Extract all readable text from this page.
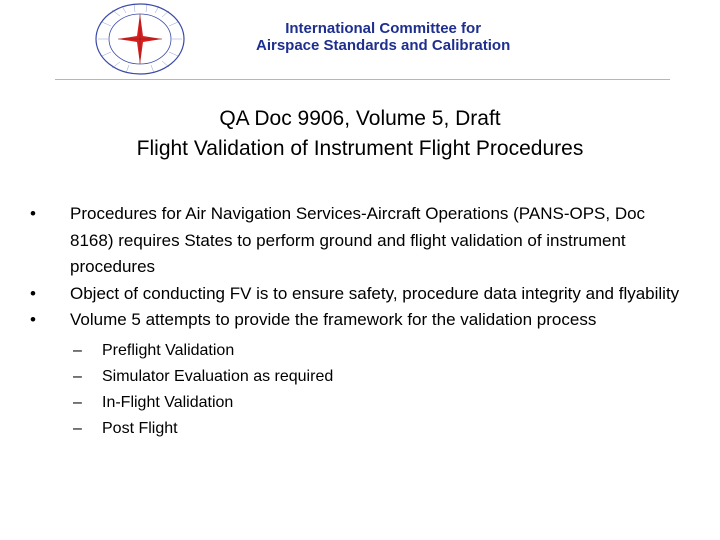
International Committee for
Airspace Standards and Calibration
QA Doc 9906, Volume 5, Draft
Flight Validation of Instrument Flight Procedures
•	Procedures for Air Navigation Services-Aircraft Operations (PANS-OPS, Doc 8168) requires States to perform ground and flight validation of instrument procedures
•	Object of conducting FV is to ensure safety, procedure data integrity and flyability
•	Volume 5 attempts to provide the framework for the validation process
– Preflight Validation
– Simulator Evaluation as required
– In-Flight Validation
– Post Flight
